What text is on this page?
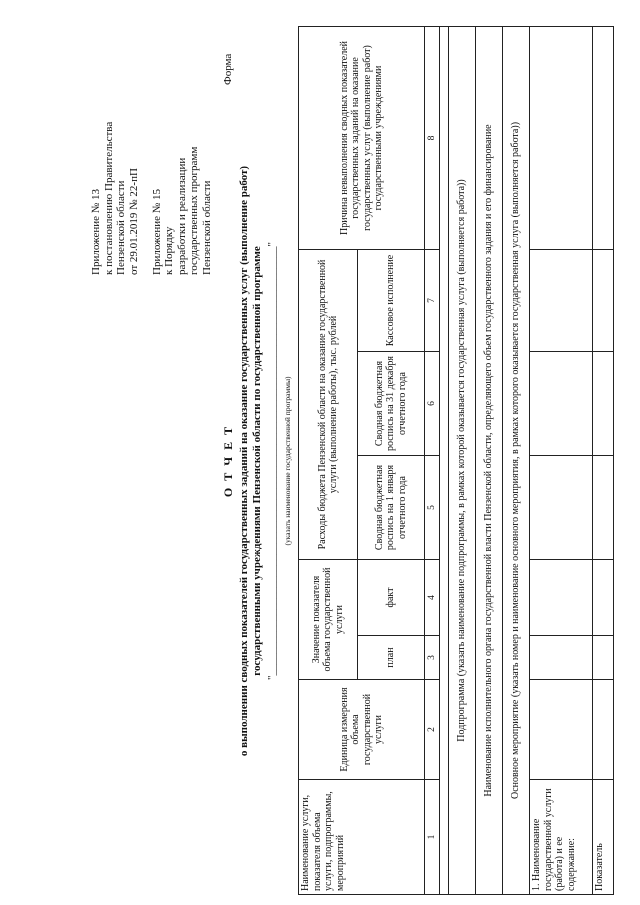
Приложение № 13 к постановлению Правительства Пензенской области от 29.01.2019 № 22-пП Приложение № 15 к Порядку разработки и реализации государственных программ Пензенской области
Форма
О Т Ч Е Т о выполнении сводных показателей государственных заданий на оказание государственных услуг (выполнение работ) государственными учреждениями Пензенской области по государственной программе "______________________________________________________________________________" (указать наименование государственной программы)
Наименование услуги, показателя объема услуги, подпрограммы, мероприятий	Единица измерения объема государственной услуги	Значение показателя объема государственной услуги		Расходы бюджета Пензенской области на оказание государственной услуги (выполнение работы), тыс. рублей			Причина невыполнения сводных показателей государственных заданий на оказание государственных услуг (выполнение работ) государственными учреждениями
		план	факт	Сводная бюджетная роспись на 1 января отчетного года	Сводная бюджетная роспись на 31 декабря отчетного года	Кассовое исполнение	
1	2	3	4	5	6	7	8

Подпрограмма (указать наименование подпрограммы, в рамках которой оказывается государственная услуга (выполняется работа))							
Наименование исполнительного органа государственной власти Пензенской области, определяющего объем государственного задания и его финансирование							
Основное мероприятие (указать номер и наименование основного мероприятия, в рамках которого оказывается государственная услуга (выполняется работа))							
1. Наименование государственной услуги (работа) и ее содержание:							
Показатель							
